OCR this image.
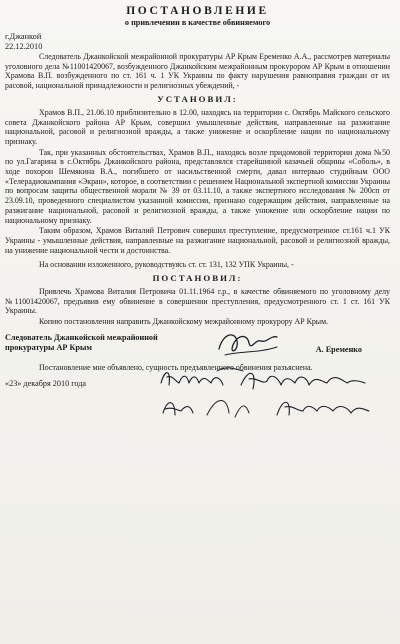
ПОСТАНОВЛЕНИЕ
о привлечении в качестве обвиняемого
г.Джанкой
22.12.2010

Следователь Джанкойской межрайонной прокуратуры АР Крым Еременко А.А., рассмотрев материалы уголовного дела №11001420067, возбужденного Джанкойским межрайонным прокурором АР Крым в отношении Храмова В.П. возбужденного по ст. 161 ч. 1 УК Украины по факту нарушения равноправия граждан от их расовой, национальной принадлежности и религиозных убеждений, -

УСТАНОВИЛ:

Храмов В.П., 21.06.10 приблизительно в 12.00, находясь на территории с. Октябрь Майского сельского совета Джанкойского района АР Крым, совершил умышленные действия, направленные на разжигание национальной, расовой и религиозной вражды, а также унижение и оскорбление нации по национальному признаку.

Так, при указанных обстоятельствах, Храмов В.П., находясь возле придомовой территории дома №50 по ул.Гагарина в с.Октябрь Джанкойского района, представлялся старейшиной казачьей общины «Соболь», в ходе похорон Шемякина В.А., погибшего от насильственной смерти, давал интервью студийным ООО «Телерадиокампания «Экран», которое, в соответствии с решением Национальной экспертной комиссии Украины по вопросам защиты общественной морали № 39 от 03.11.10, а также экспертного исследования № 200сп от 23.09.10, проведенного специалистом указанной комиссии, признано содержащим действия, направленные на разжигание национальной, расовой и религиозной вражды, а также унижение или оскорбление нации по национальному признаку.

Таким образом, Храмов Виталий Петрович совершил преступление, предусмотренное ст.161 ч.1 УК Украины - умышленные действия, направленные на разжигание национальной, расовой и религиозной вражды, на унижение национальной чести и достоинства.

На основании изложенного, руководствуясь ст. ст. 131, 132 УПК Украины, -

ПОСТАНОВИЛ:

Привлечь Храмова Виталия Петровича 01.11.1964 г.р., в качестве обвиняемого по уголовному делу №11001420067, предъявив ему обвинение в совершении преступления, предусмотренного ст. 1 ст. 161 УК Украины.

Копию постановления направить Джанкойскому межрайонному прокурору АР Крым.

Следователь Джанкойской межрайонной
прокуратуры АР Крым	А. Еременко

Постановление мне объявлено, сущность предъявленного обвинения разъяснена.

«23» декабря 2010 года
